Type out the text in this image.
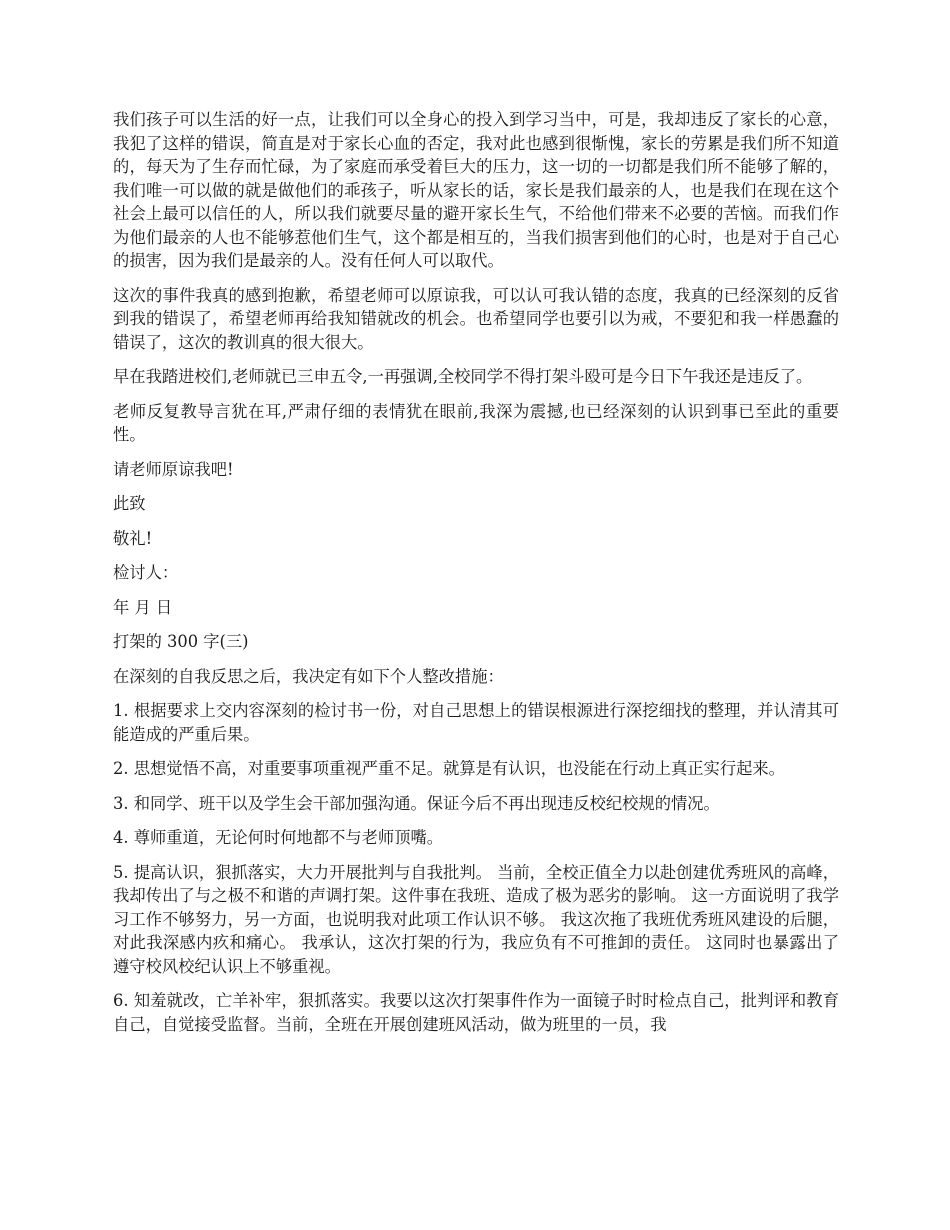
我们孩子可以生活的好一点，让我们可以全身心的投入到学习当中，可是，我却违反了家长的心意，我犯了这样的错误，简直是对于家长心血的否定，我对此也感到很惭愧，家长的劳累是我们所不知道的，每天为了生存而忙碌，为了家庭而承受着巨大的压力，这一切的一切都是我们所不能够了解的，我们唯一可以做的就是做他们的乖孩子，听从家长的话，家长是我们最亲的人，也是我们在现在这个社会上最可以信任的人，所以我们就要尽量的避开家长生气，不给他们带来不必要的苦恼。而我们作为他们最亲的人也不能够惹他们生气，这个都是相互的，当我们损害到他们的心时，也是对于自己心的损害，因为我们是最亲的人。没有任何人可以取代。

这次的事件我真的感到抱歉，希望老师可以原谅我，可以认可我认错的态度，我真的已经深刻的反省到我的错误了，希望老师再给我知错就改的机会。也希望同学也要引以为戒，不要犯和我一样愚蠢的错误了，这次的教训真的很大很大。

早在我踏进校们,老师就已三申五令,一再强调,全校同学不得打架斗殴可是今日下午我还是违反了。

老师反复教导言犹在耳,严肃仔细的表情犹在眼前,我深为震撼,也已经深刻的认识到事已至此的重要性。

请老师原谅我吧!

此致

敬礼!

检讨人：

年 月 日

打架的 300 字(三)

在深刻的自我反思之后，我决定有如下个人整改措施：

1. 根据要求上交内容深刻的检讨书一份，对自己思想上的错误根源进行深挖细找的整理，并认清其可能造成的严重后果。

2. 思想觉悟不高，对重要事项重视严重不足。就算是有认识，也没能在行动上真正实行起来。

3. 和同学、班干以及学生会干部加强沟通。保证今后不再出现违反校纪校规的情况。

4. 尊师重道，无论何时何地都不与老师顶嘴。

5. 提高认识，狠抓落实，大力开展批判与自我批判。 当前，全校正值全力以赴创建优秀班风的高峰，我却传出了与之极不和谐的声调打架。这件事在我班、造成了极为恶劣的影响。 这一方面说明了我学习工作不够努力，另一方面，也说明我对此项工作认识不够。 我这次拖了我班优秀班风建设的后腿，对此我深感内疚和痛心。 我承认，这次打架的行为，我应负有不可推卸的责任。 这同时也暴露出了遵守校风校纪认识上不够重视。

6. 知羞就改，亡羊补牢，狠抓落实。我要以这次打架事件作为一面镜子时时检点自己，批判评和教育自己，自觉接受监督。当前，全班在开展创建班风活动，做为班里的一员，我
